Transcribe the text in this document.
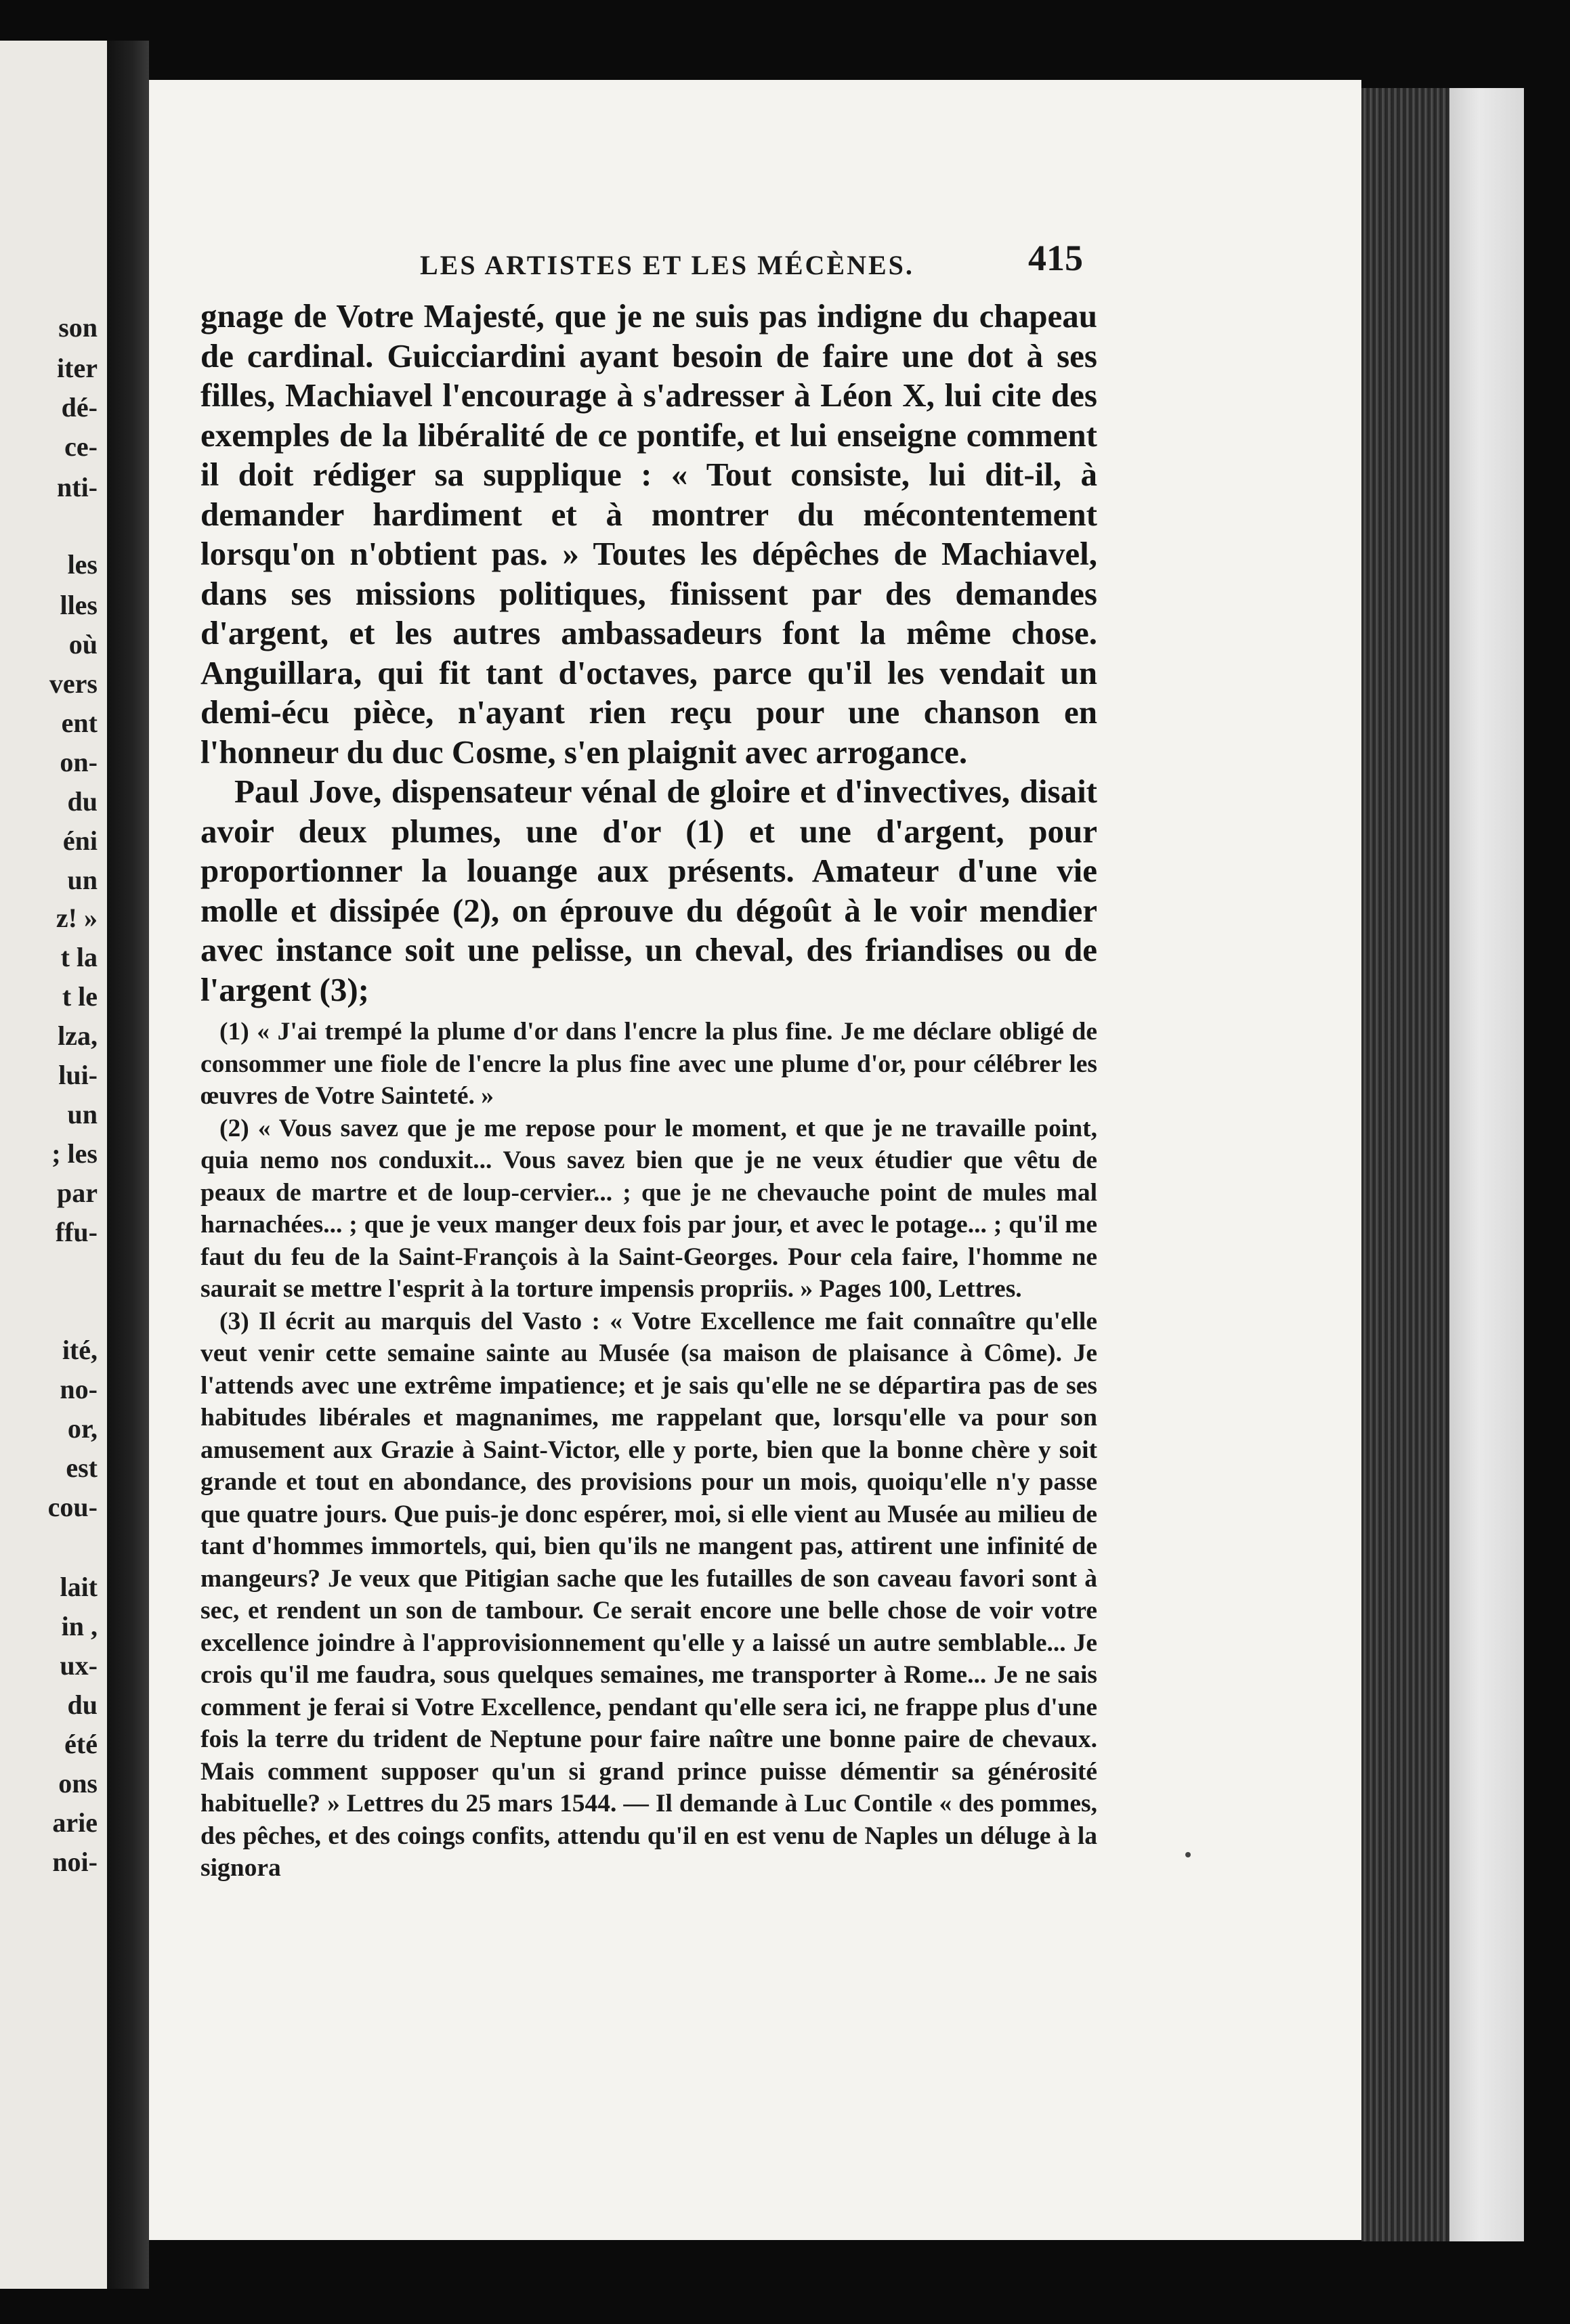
son
iter
dé-
ce-
nti-
les
lles
où
vers
ent
on-
du
éni
un
z! »
t la
t le
lza,
lui-
un
; les
par
ffu-
ité,
no-
or,
est
cou-
lait
in ,
ux-
du
été
ons
arie
noi-
LES ARTISTES ET LES MÉCÈNES.	415

gnage de Votre Majesté, que je ne suis pas indigne du chapeau de cardinal. Guicciardini ayant besoin de faire une dot à ses filles, Machiavel l'encourage à s'adresser à Léon X, lui cite des exemples de la libéralité de ce pontife, et lui enseigne comment il doit rédiger sa supplique : « Tout consiste, lui dit-il, à demander hardiment et à montrer du mécontentement lorsqu'on n'obtient pas. » Toutes les dépêches de Machiavel, dans ses missions politiques, finissent par des demandes d'argent, et les autres ambassadeurs font la même chose. Anguillara, qui fit tant d'octaves, parce qu'il les vendait un demi-écu pièce, n'ayant rien reçu pour une chanson en l'honneur du duc Cosme, s'en plaignit avec arrogance.

Paul Jove, dispensateur vénal de gloire et d'invectives, disait avoir deux plumes, une d'or (1) et une d'argent, pour proportionner la louange aux présents. Amateur d'une vie molle et dissipée (2), on éprouve du dégoût à le voir mendier avec instance soit une pelisse, un cheval, des friandises ou de l'argent (3);

(1) « J'ai trempé la plume d'or dans l'encre la plus fine. Je me déclare obligé de consommer une fiole de l'encre la plus fine avec une plume d'or, pour célébrer les œuvres de Votre Sainteté. »

(2) « Vous savez que je me repose pour le moment, et que je ne travaille point, quia nemo nos conduxit... Vous savez bien que je ne veux étudier que vêtu de peaux de martre et de loup-cervier... ; que je ne chevauche point de mules mal harnachées... ; que je veux manger deux fois par jour, et avec le potage... ; qu'il me faut du feu de la Saint-François à la Saint-Georges. Pour cela faire, l'homme ne saurait se mettre l'esprit à la torture impensis propriis. » Pages 100, Lettres.

(3) Il écrit au marquis del Vasto : « Votre Excellence me fait connaître qu'elle veut venir cette semaine sainte au Musée (sa maison de plaisance à Côme). Je l'attends avec une extrême impatience; et je sais qu'elle ne se départira pas de ses habitudes libérales et magnanimes, me rappelant que, lorsqu'elle va pour son amusement aux Grazie à Saint-Victor, elle y porte, bien que la bonne chère y soit grande et tout en abondance, des provisions pour un mois, quoiqu'elle n'y passe que quatre jours. Que puis-je donc espérer, moi, si elle vient au Musée au milieu de tant d'hommes immortels, qui, bien qu'ils ne mangent pas, attirent une infinité de mangeurs? Je veux que Pitigian sache que les futailles de son caveau favori sont à sec, et rendent un son de tambour. Ce serait encore une belle chose de voir votre excellence joindre à l'approvisionnement qu'elle y a laissé un autre semblable... Je crois qu'il me faudra, sous quelques semaines, me transporter à Rome... Je ne sais comment je ferai si Votre Excellence, pendant qu'elle sera ici, ne frappe plus d'une fois la terre du trident de Neptune pour faire naître une bonne paire de chevaux. Mais comment supposer qu'un si grand prince puisse démentir sa générosité habituelle? » Lettres du 25 mars 1544. — Il demande à Luc Contile « des pommes, des pêches, et des coings confits, attendu qu'il en est venu de Naples un déluge à la signora
